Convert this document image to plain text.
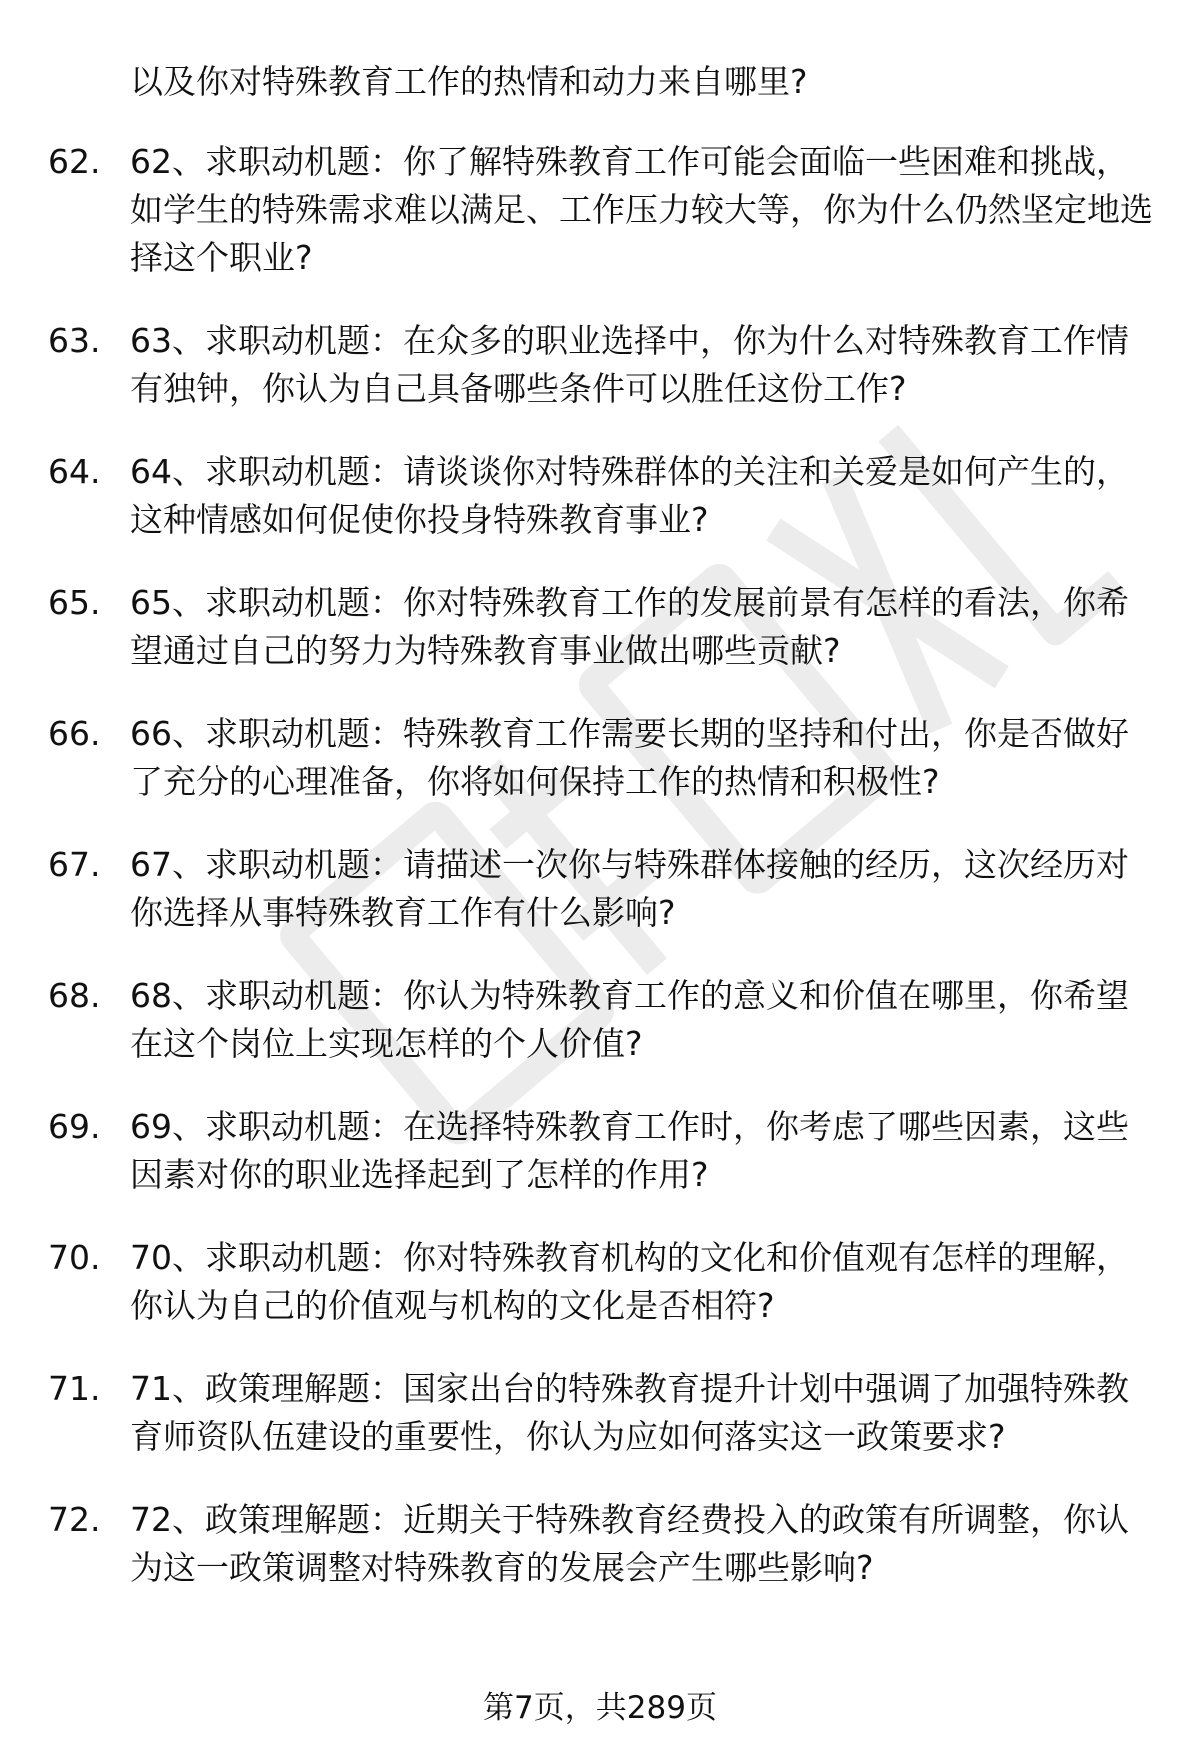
以及你对特殊教育工作的热情和动力来自哪里?
62. 62、求职动机题：你了解特殊教育工作可能会面临一些困难和挑战，如学生的特殊需求难以满足、工作压力较大等，你为什么仍然坚定地选择这个职业?
63. 63、求职动机题：在众多的职业选择中，你为什么对特殊教育工作情有独钟，你认为自己具备哪些条件可以胜任这份工作?
64. 64、求职动机题：请谈谈你对特殊群体的关注和关爱是如何产生的，这种情感如何促使你投身特殊教育事业?
65. 65、求职动机题：你对特殊教育工作的发展前景有怎样的看法，你希望通过自己的努力为特殊教育事业做出哪些贡献?
66. 66、求职动机题：特殊教育工作需要长期的坚持和付出，你是否做好了充分的心理准备，你将如何保持工作的热情和积极性?
67. 67、求职动机题：请描述一次你与特殊群体接触的经历，这次经历对你选择从事特殊教育工作有什么影响?
68. 68、求职动机题：你认为特殊教育工作的意义和价值在哪里，你希望在这个岗位上实现怎样的个人价值?
69. 69、求职动机题：在选择特殊教育工作时，你考虑了哪些因素，这些因素对你的职业选择起到了怎样的作用?
70. 70、求职动机题：你对特殊教育机构的文化和价值观有怎样的理解，你认为自己的价值观与机构的文化是否相符?
71. 71、政策理解题：国家出台的特殊教育提升计划中强调了加强特殊教育师资队伍建设的重要性，你认为应如何落实这一政策要求?
72. 72、政策理解题：近期关于特殊教育经费投入的政策有所调整，你认为这一政策调整对特殊教育的发展会产生哪些影响?
第7页，共289页
